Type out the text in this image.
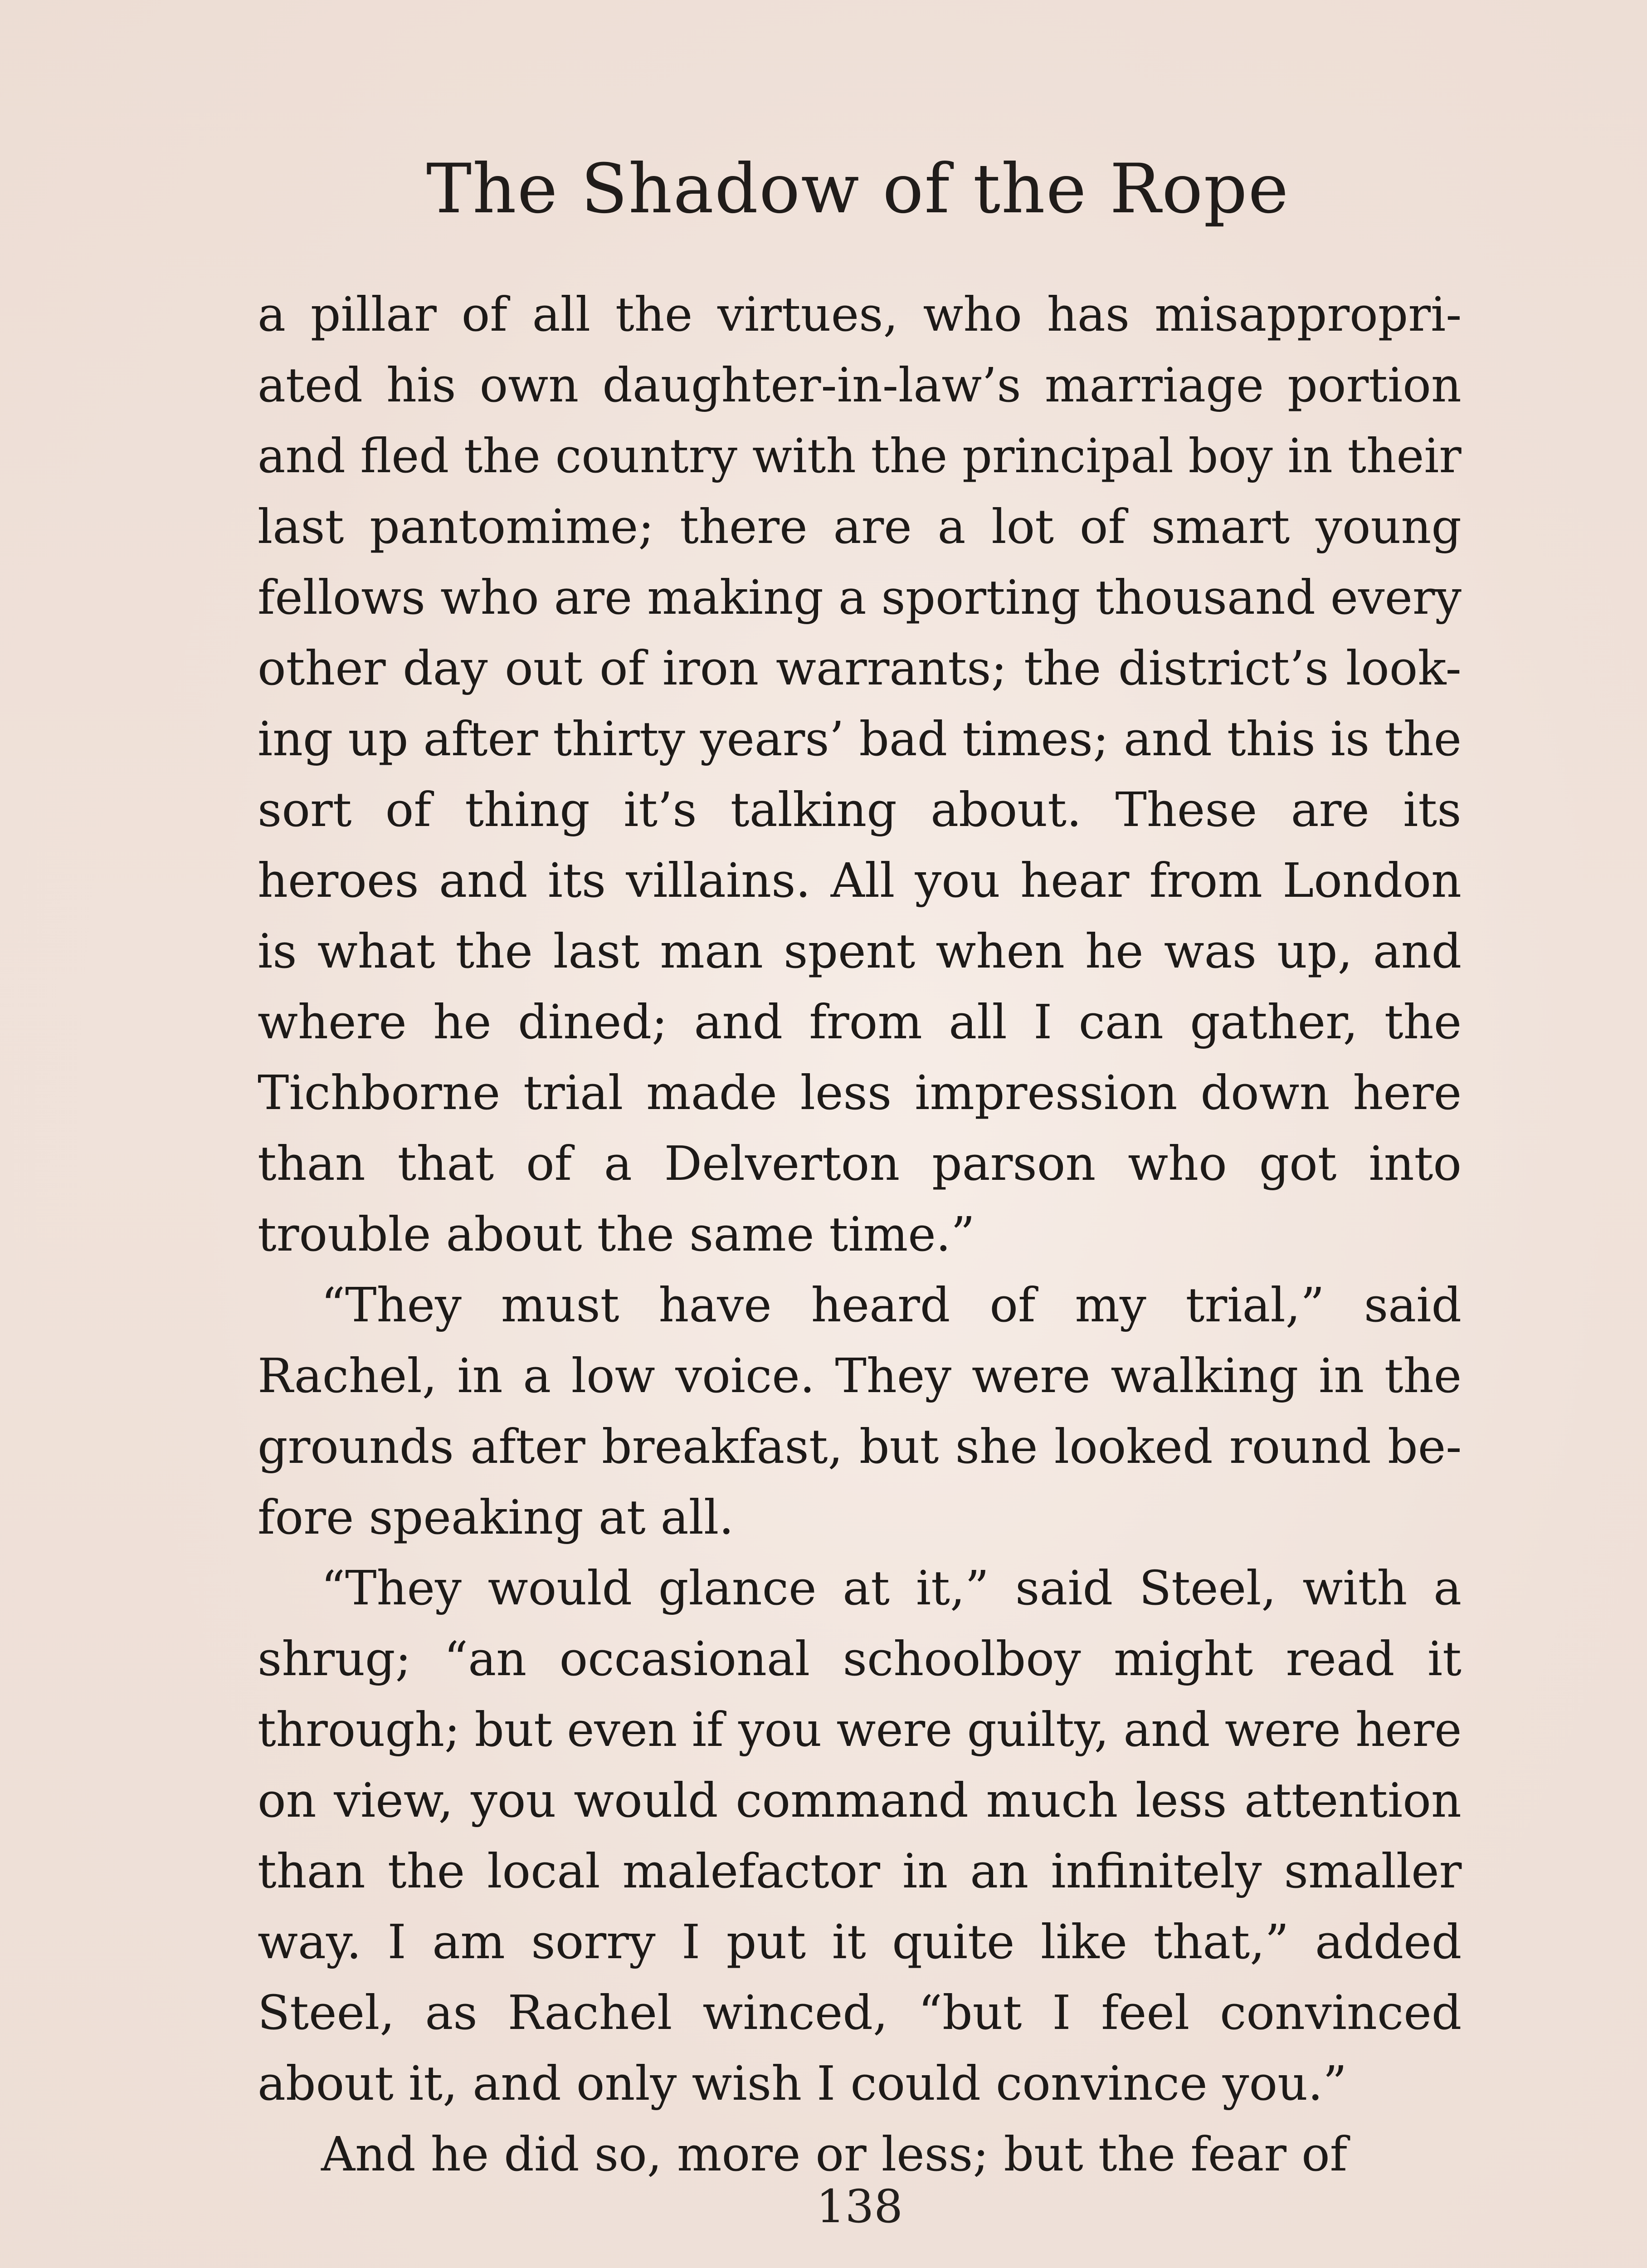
The Shadow of the Rope
a pillar of all the virtues, who has misappropri-
ated his own daughter-in-law’s marriage portion
and fled the country with the principal boy in their
last pantomime; there are a lot of smart young
fellows who are making a sporting thousand every
other day out of iron warrants; the district’s look-
ing up after thirty years’ bad times; and this is the
sort of thing it’s talking about. These are its
heroes and its villains. All you hear from London
is what the last man spent when he was up, and
where he dined; and from all I can gather, the
Tichborne trial made less impression down here
than that of a Delverton parson who got into
trouble about the same time.”
“They must have heard of my trial,” said
Rachel, in a low voice. They were walking in the
grounds after breakfast, but she looked round be-
fore speaking at all.
“They would glance at it,” said Steel, with a
shrug; “an occasional schoolboy might read it
through; but even if you were guilty, and were here
on view, you would command much less attention
than the local malefactor in an infinitely smaller
way. I am sorry I put it quite like that,” added
Steel, as Rachel winced, “but I feel convinced
about it, and only wish I could convince you.”
And he did so, more or less; but the fear of
138
